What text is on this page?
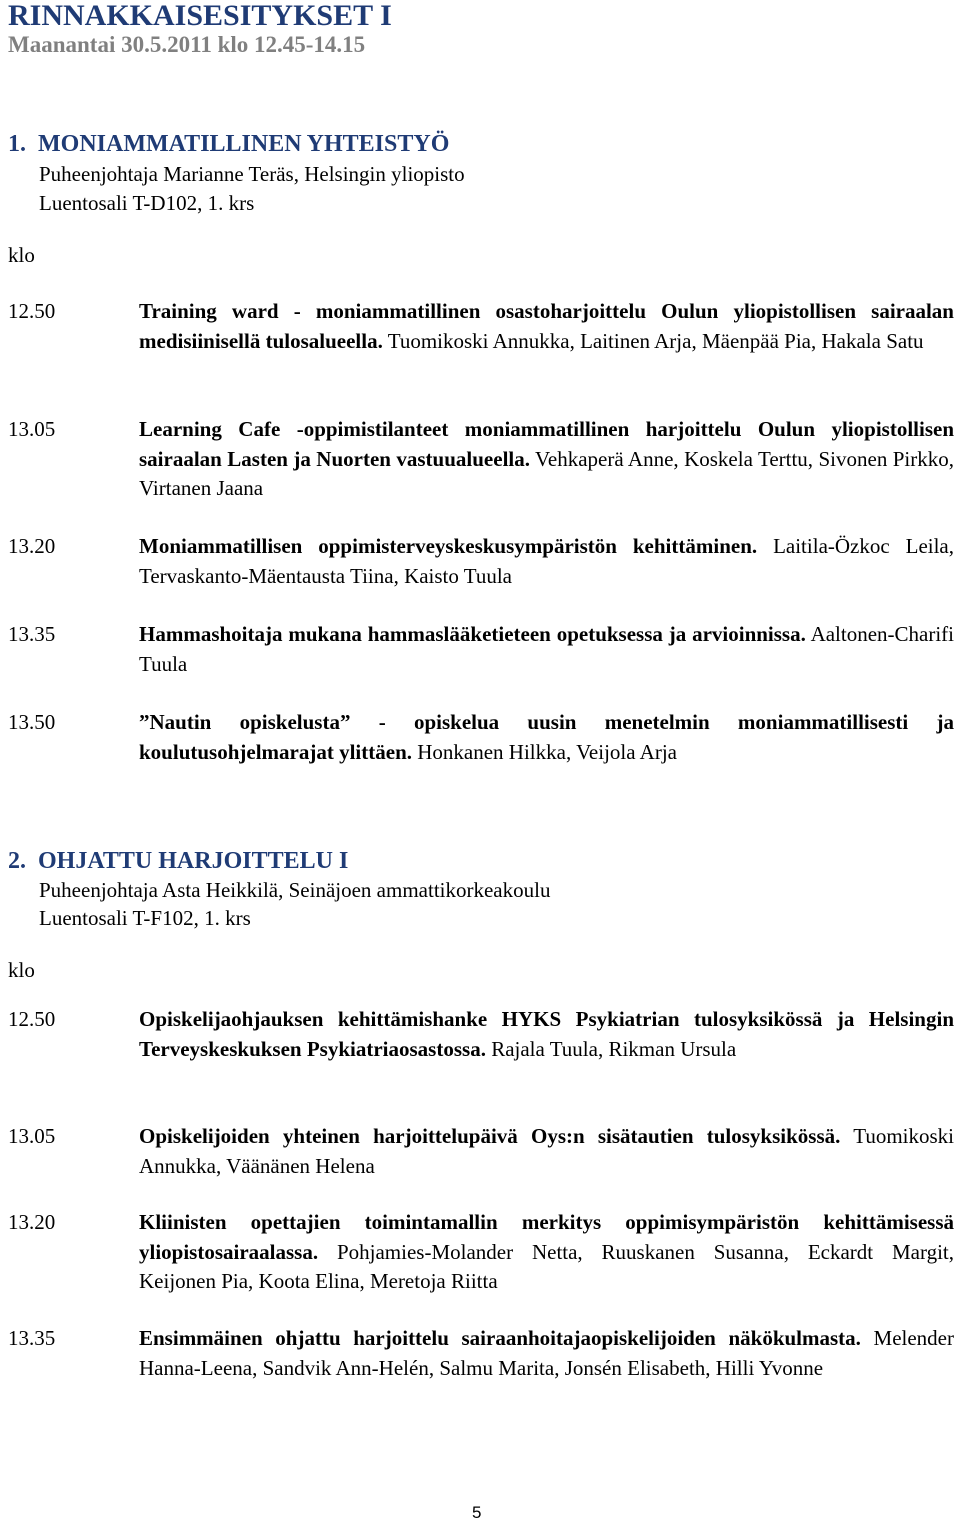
RINNAKKAISESITYKSET I
Maanantai 30.5.2011 klo 12.45-14.15
1. MONIAMMATILLINEN YHTEISTYÖ
Puheenjohtaja Marianne Teräs, Helsingin yliopisto
Luentosali T-D102, 1. krs
klo
12.50	Training ward - moniammatillinen osastoharjoittelu Oulun yliopistollisen sairaalan medisiinisellä tulosalueella. Tuomikoski Annukka, Laitinen Arja, Mäenpää Pia, Hakala Satu
13.05	Learning Cafe -oppimistilanteet moniammatillinen harjoittelu Oulun yliopistollisen sairaalan Lasten ja Nuorten vastuualueella. Vehkaperä Anne, Koskela Terttu, Sivonen Pirkko, Virtanen Jaana
13.20	Moniammatillisen oppimisterveyskeskusympäristön kehittäminen. Laitila-Özkoc Leila, Tervaskanto-Mäentausta Tiina, Kaisto Tuula
13.35	Hammashoitaja mukana hammaslääketieteen opetuksessa ja arvioinnissa. Aaltonen-Charifi Tuula
13.50	”Nautin opiskelusta” - opiskelua uusin menetelmin moniammatillisesti ja koulutusohjelmarajat ylittäen. Honkanen Hilkka, Veijola Arja
2. OHJATTU HARJOITTELU I
Puheenjohtaja Asta Heikkilä, Seinäjoen ammattikorkeakoulu
Luentosali T-F102, 1. krs
klo
12.50	Opiskelijaohjauksen kehittämishanke HYKS Psykiatrian tulosyksikössä ja Helsingin Terveyskeskuksen Psykiatriaosastossa. Rajala Tuula, Rikman Ursula
13.05	Opiskelijoiden yhteinen harjoittelupäivä Oys:n sisätautien tulosyksikössä. Tuomikoski Annukka, Väänänen Helena
13.20	Kliinisten opettajien toimintamallin merkitys oppimisympäristön kehittämisessä yliopistosairaalassa. Pohjamies-Molander Netta, Ruuskanen Susanna, Eckardt Margit, Keijonen Pia, Koota Elina, Meretoja Riitta
13.35	Ensimmäinen ohjattu harjoittelu sairaanhoitajaopiskelijoiden näkökulmasta. Melender Hanna-Leena, Sandvik Ann-Helén, Salmu Marita, Jonsén Elisabeth, Hilli Yvonne
5
